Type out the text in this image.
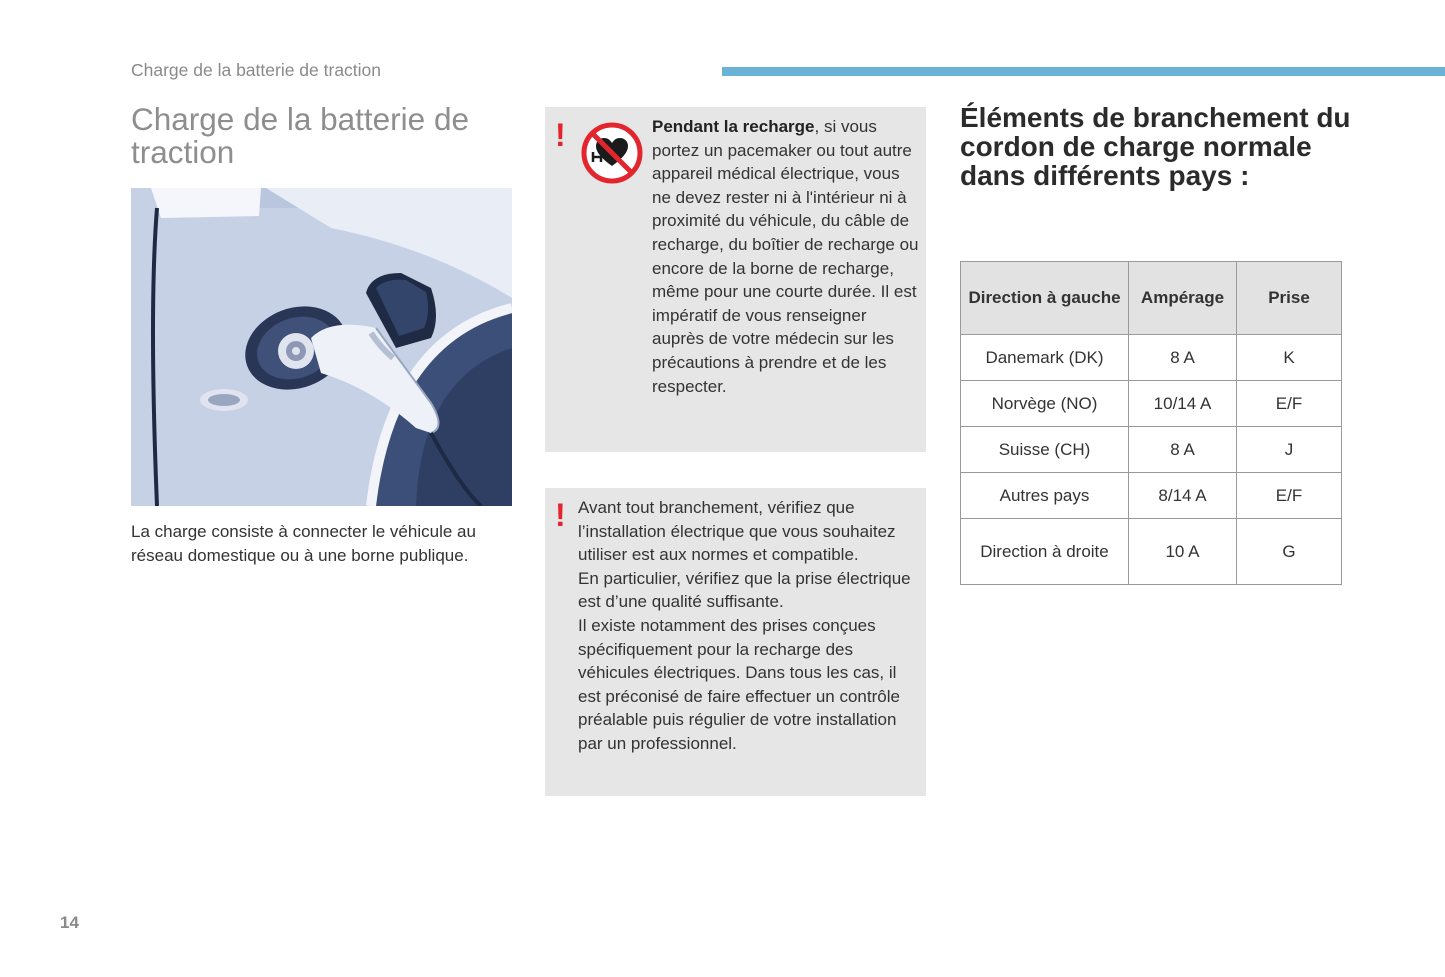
Charge de la batterie de traction
Charge de la batterie de traction
La charge consiste à connecter le véhicule au réseau domestique ou à une borne publique.
!	Pendant la recharge, si vous portez un pacemaker ou tout autre appareil médical électrique, vous ne devez rester ni à l'intérieur ni à proximité du véhicule, du câble de recharge, du boîtier de recharge ou encore de la borne de recharge, même pour une courte durée. Il est impératif de vous renseigner auprès de votre médecin sur les précautions à prendre et de les respecter.
! Avant tout branchement, vérifiez que l’installation électrique que vous souhaitez utiliser est aux normes et compatible.
En particulier, vérifiez que la prise électrique est d’une qualité suffisante.
Il existe notamment des prises conçues spécifiquement pour la recharge des véhicules électriques. Dans tous les cas, il est préconisé de faire effectuer un contrôle préalable puis régulier de votre installation par un professionnel.
Éléments de branchement du cordon de charge normale dans différents pays :
Direction à gauche	Ampérage	Prise
Danemark (DK)	8 A	K
Norvège (NO)	10/14 A	E/F
Suisse (CH)	8 A	J
Autres pays	8/14 A	E/F
Direction à droite	10 A	G
14
